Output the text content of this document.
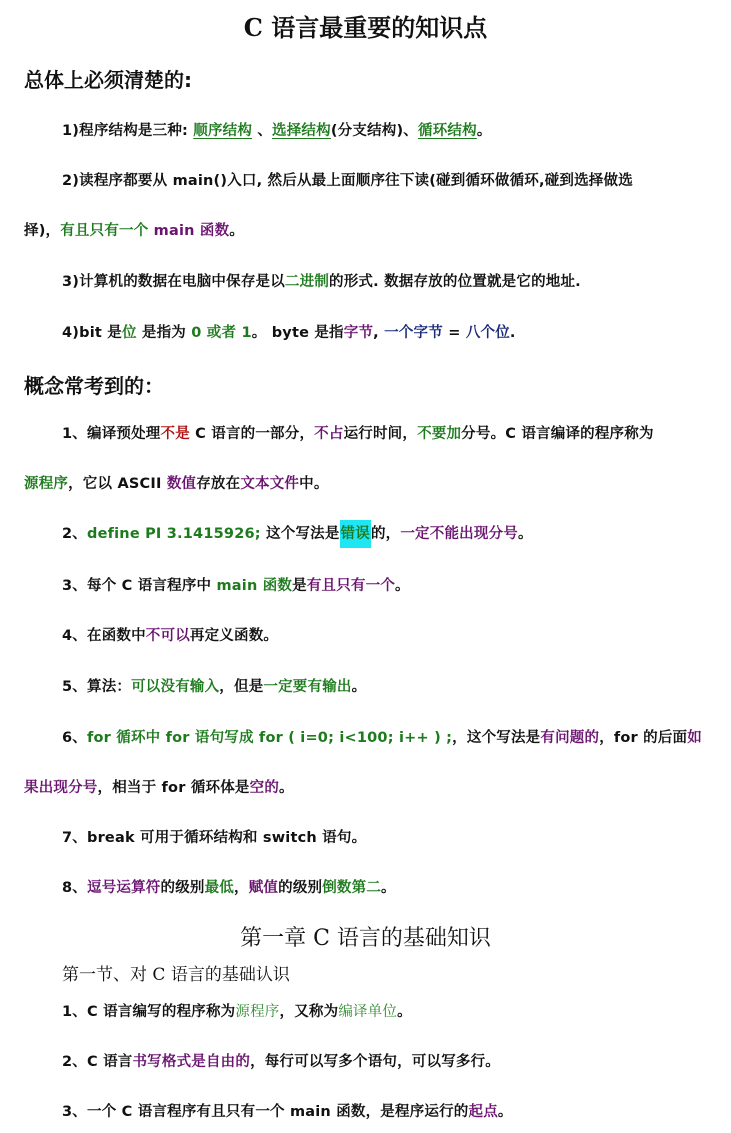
C 语言最重要的知识点
总体上必须清楚的:
1)程序结构是三种: 顺序结构 、选择结构(分支结构)、循环结构。
2)读程序都要从 main()入口, 然后从最上面顺序往下读(碰到循环做循环,碰到选择做选
择)，有且只有一个 main 函数。
3)计算机的数据在电脑中保存是以二进制的形式. 数据存放的位置就是它的地址.
4)bit 是位 是指为 0 或者 1。 byte 是指字节, 一个字节 = 八个位.
概念常考到的：
1、编译预处理不是 C 语言的一部分，不占运行时间，不要加分号。C 语言编译的程序称为
源程序，它以 ASCII 数值存放在文本文件中。
2、define PI 3.1415926; 这个写法是错误的，一定不能出现分号。
3、每个 C 语言程序中 main 函数是有且只有一个。
4、在函数中不可以再定义函数。
5、算法：可以没有输入，但是一定要有输出。
6、for 循环中 for 语句写成 for ( i=0; i<100; i++ ) ;，这个写法是有问题的，for 的后面如
果出现分号，相当于 for 循环体是空的。
7、break 可用于循环结构和 switch 语句。
8、逗号运算符的级别最低，赋值的级别倒数第二。
第一章 C 语言的基础知识
第一节、对 C 语言的基础认识
1、C 语言编写的程序称为源程序，又称为编译单位。
2、C 语言书写格式是自由的，每行可以写多个语句，可以写多行。
3、一个 C 语言程序有且只有一个 main 函数，是程序运行的起点。
